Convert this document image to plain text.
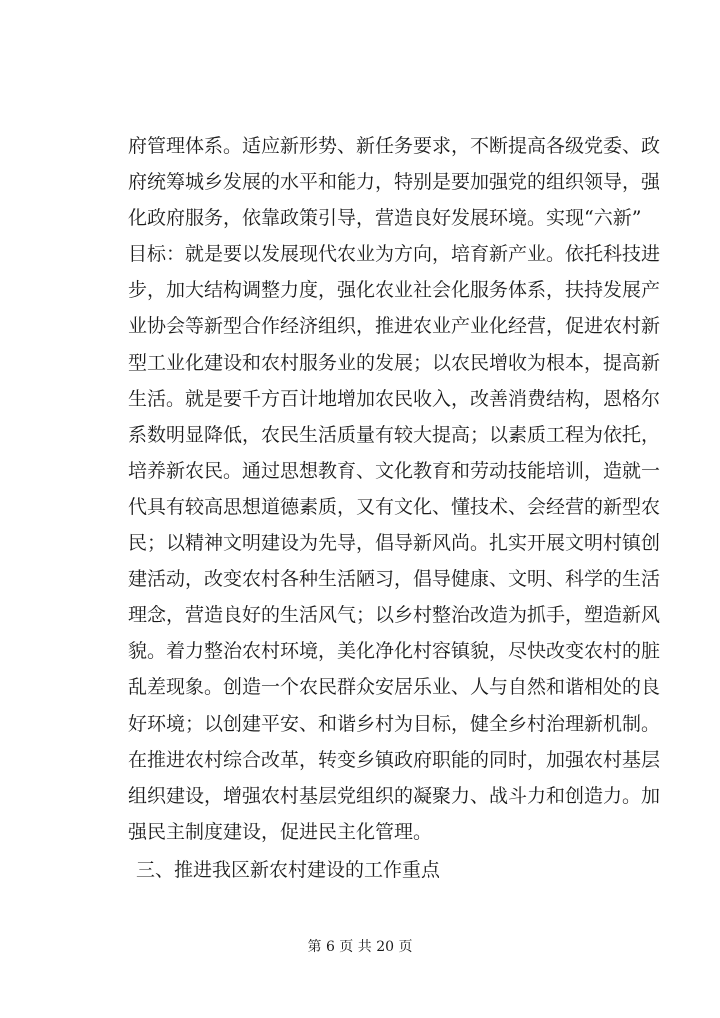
府管理体系。适应新形势、新任务要求，不断提高各级党委、政
府统筹城乡发展的水平和能力，特别是要加强党的组织领导，强
化政府服务，依靠政策引导，营造良好发展环境。实现“六新”
目标：就是要以发展现代农业为方向，培育新产业。依托科技进
步，加大结构调整力度，强化农业社会化服务体系，扶持发展产
业协会等新型合作经济组织，推进农业产业化经营，促进农村新
型工业化建设和农村服务业的发展；以农民增收为根本，提高新
生活。就是要千方百计地增加农民收入，改善消费结构，恩格尔
系数明显降低，农民生活质量有较大提高；以素质工程为依托，
培养新农民。通过思想教育、文化教育和劳动技能培训，造就一
代具有较高思想道德素质，又有文化、懂技术、会经营的新型农
民；以精神文明建设为先导，倡导新风尚。扎实开展文明村镇创
建活动，改变农村各种生活陋习，倡导健康、文明、科学的生活
理念，营造良好的生活风气；以乡村整治改造为抓手，塑造新风
貌。着力整治农村环境，美化净化村容镇貌，尽快改变农村的脏
乱差现象。创造一个农民群众安居乐业、人与自然和谐相处的良
好环境；以创建平安、和谐乡村为目标，健全乡村治理新机制。
在推进农村综合改革，转变乡镇政府职能的同时，加强农村基层
组织建设，增强农村基层党组织的凝聚力、战斗力和创造力。加
强民主制度建设，促进民主化管理。
三、推进我区新农村建设的工作重点
第 6 页 共 20 页
